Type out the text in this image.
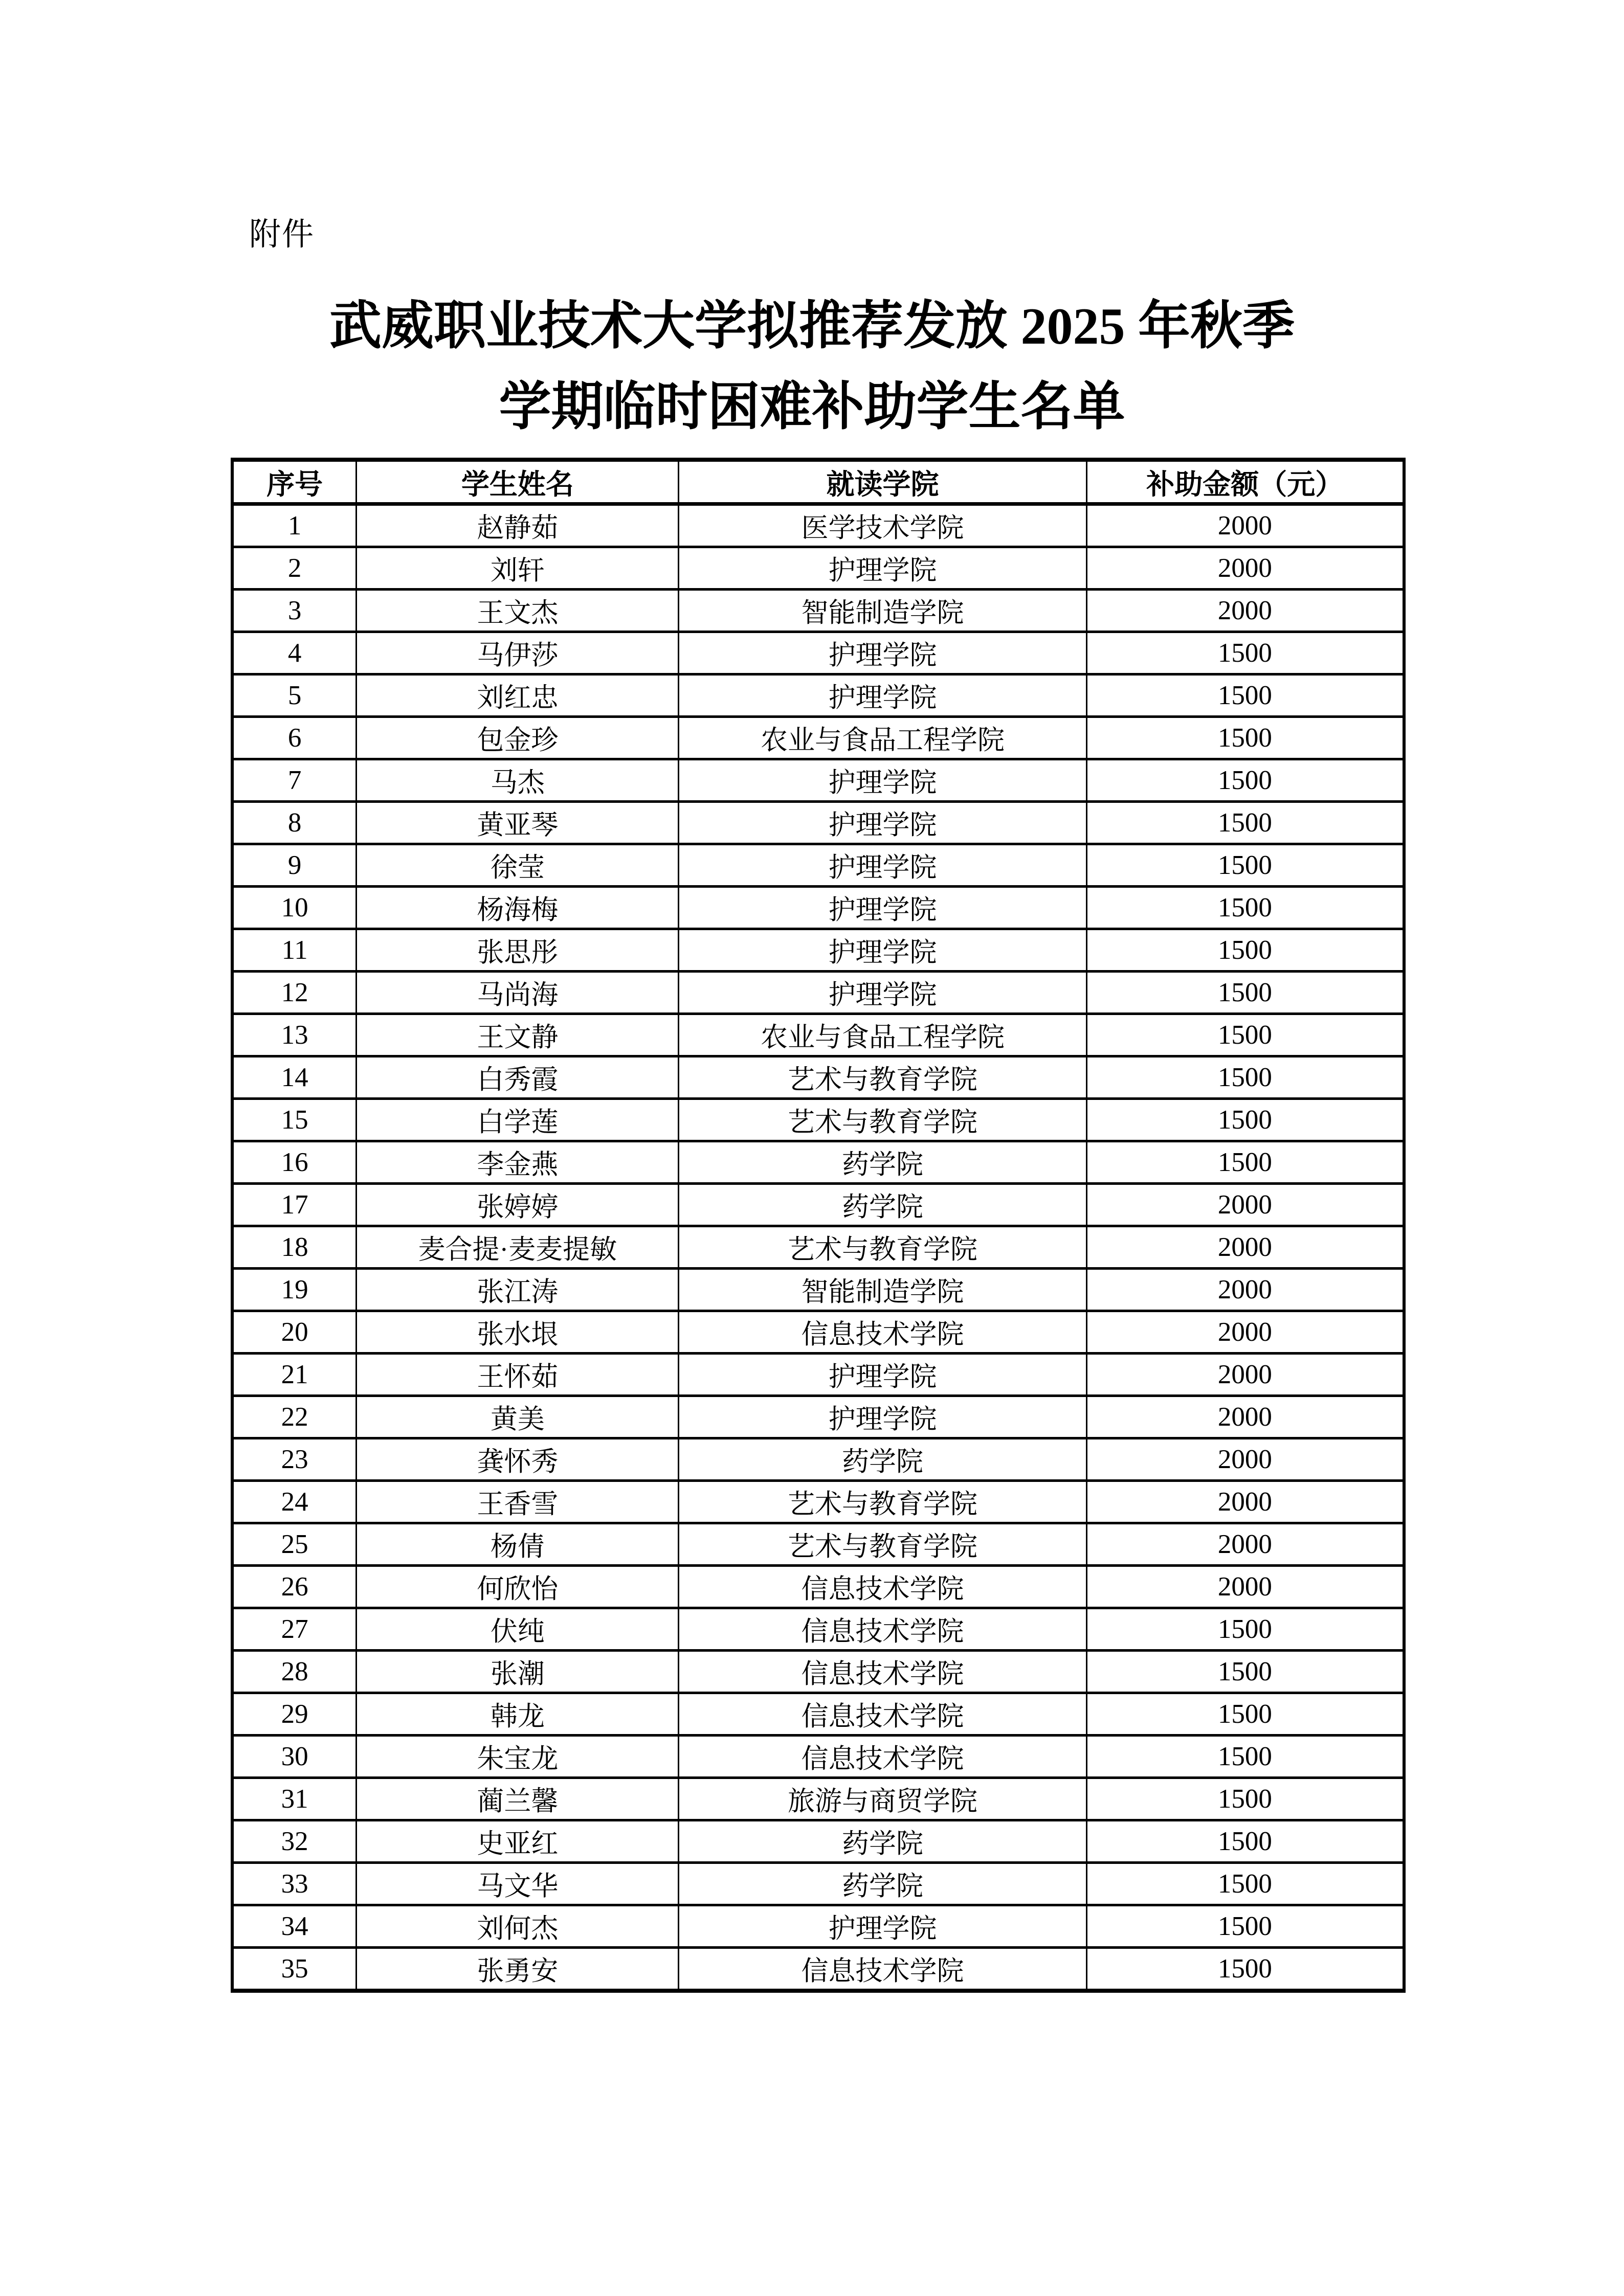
附件
武威职业技术大学拟推荐发放 2025 年秋季
学期临时困难补助学生名单
序号	学生姓名	就读学院	补助金额（元）
1	赵静茹	医学技术学院	2000
2	刘轩	护理学院	2000
3	王文杰	智能制造学院	2000
4	马伊莎	护理学院	1500
5	刘红忠	护理学院	1500
6	包金珍	农业与食品工程学院	1500
7	马杰	护理学院	1500
8	黄亚琴	护理学院	1500
9	徐莹	护理学院	1500
10	杨海梅	护理学院	1500
11	张思彤	护理学院	1500
12	马尚海	护理学院	1500
13	王文静	农业与食品工程学院	1500
14	白秀霞	艺术与教育学院	1500
15	白学莲	艺术与教育学院	1500
16	李金燕	药学院	1500
17	张婷婷	药学院	2000
18	麦合提·麦麦提敏	艺术与教育学院	2000
19	张江涛	智能制造学院	2000
20	张水垠	信息技术学院	2000
21	王怀茹	护理学院	2000
22	黄美	护理学院	2000
23	龚怀秀	药学院	2000
24	王香雪	艺术与教育学院	2000
25	杨倩	艺术与教育学院	2000
26	何欣怡	信息技术学院	2000
27	伏纯	信息技术学院	1500
28	张潮	信息技术学院	1500
29	韩龙	信息技术学院	1500
30	朱宝龙	信息技术学院	1500
31	蔺兰馨	旅游与商贸学院	1500
32	史亚红	药学院	1500
33	马文华	药学院	1500
34	刘何杰	护理学院	1500
35	张勇安	信息技术学院	1500
